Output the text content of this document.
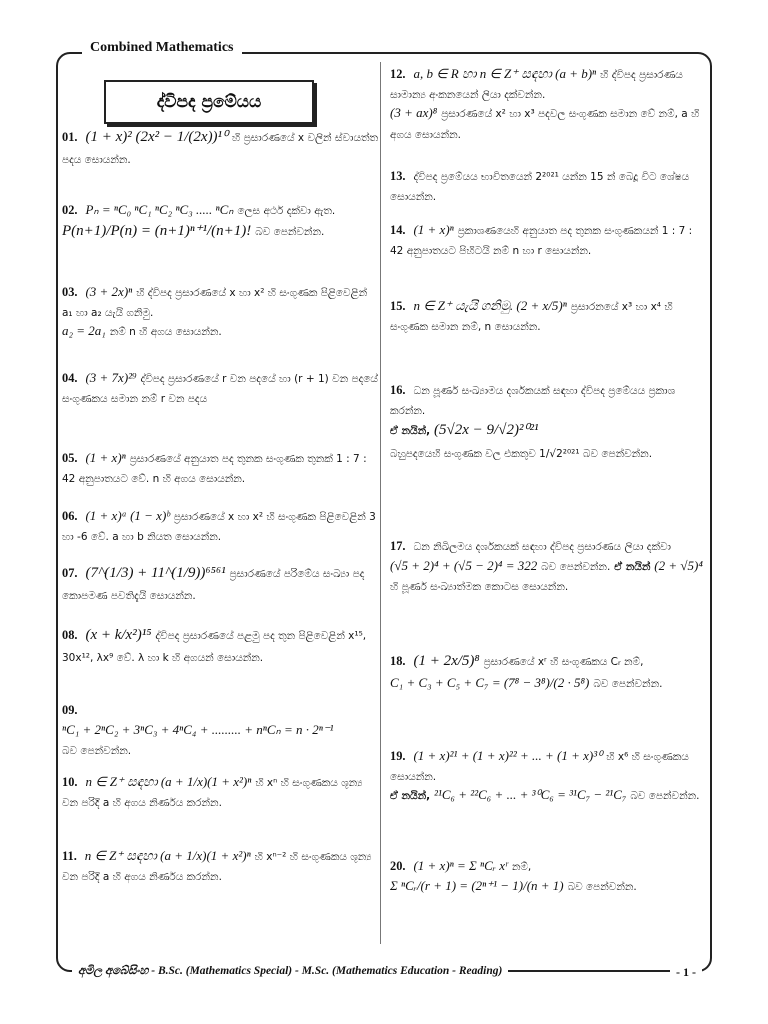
Combined Mathematics
ද්විපද ප්‍රමේයය
01. (1 + x)² (2x² − 1/(2x))¹⁰ හි ප්‍රසාරණයේ x වලින් ස්වායත්ත පදය සොයන්න.
02. Pₙ = ⁿC₀ ⁿC₁ ⁿC₂ ⁿC₃ ..... ⁿCₙ ලෙස අර්ථ දක්වා ඇත.
P(n+1)/P(n) = (n+1)ⁿ⁺¹/(n+1)! බව පෙන්වන්න.
03. (3 + 2x)ⁿ හි ද්විපද ප්‍රසාරණයේ x හා x² හි සංගුණක පිළිවෙළින් a₁ හා a₂ යැයි ගනිමු.
a₂ = 2a₁ නම් n හි අගය සොයන්න.
04. (3 + 7x)²⁹ ද්විපද ප්‍රසාරණයේ r වන පදයේ හා (r + 1) වන පදයේ සංගුණකය සමාන නම් r වන පදය
05. (1 + x)ⁿ ප්‍රසාරණයේ අනුයාත පද තුනක සංගුණක තුනක් 1 : 7 : 42 අනුපාතයට වේ. n හි අගය සොයන්න.
06. (1 + x)ᵃ (1 − x)ᵇ ප්‍රසාරණයේ x හා x² හි සංගුණක පිළිවෙළින් 3 හා -6 වේ. a හා b නියත සොයන්න.
07. (7^(1/3) + 11^(1/9))⁶⁵⁶¹ ප්‍රසාරණයේ පරිමේය සංඛ්‍යා පද කොපමණ පවතිදැයි සොයන්න.
08. (x + k/x²)¹⁵ ද්විපද ප්‍රසාරණයේ පළමු පද තුන පිළිවෙළින් x¹⁵, 30x¹², λx⁹ වේ. λ හා k හි අගයන් සොයන්න.
09.
ⁿC₁ + 2ⁿC₂ + 3ⁿC₃ + 4ⁿC₄ + ......... + nⁿCₙ = n · 2ⁿ⁻¹
බව පෙන්වන්න.
10. n ∈ Z⁺ සඳහා (a + 1/x)(1 + x²)ⁿ හි xⁿ හි සංගුණකය ශුන්‍ය වන පරිදි a හි අගය නිර්ණය කරන්න.
11. n ∈ Z⁺ සඳහා (a + 1/x)(1 + x²)ⁿ හි xⁿ⁻² හි සංගුණකය ශුන්‍ය වන පරිදි a හි අගය නිර්ණය කරන්න.
12. a, b ∈ R හා n ∈ Z⁺ සඳහා (a + b)ⁿ හි ද්විපද ප්‍රසාරණය සාමාන්‍ය අංකනයෙන් ලියා දක්වන්න.
(3 + ax)⁸ ප්‍රසාරණයේ x² හා x³ පදවල සංගුණක සමාන වේ නම්, a හි අගය සොයන්න.
13. ද්විපද ප්‍රමේයය භාවිතයෙන් 2²⁰²¹ යන්න 15 න් බෙදූ විට ශේෂය සොයන්න.
14. (1 + x)ⁿ ප්‍රකාශණයෙහි අනුයාත පද තුනක සංගුණකයන් 1 : 7 : 42 අනුපාතයට පිහිටයි නම් n හා r සොයන්න.
15. n ∈ Z⁺ යැයි ගනිමු. (2 + x/5)ⁿ ප්‍රසාරනයේ x³ හා x⁴ හි සංගුණක සමාන නම්, n සොයන්න.
16. ධන පූර්ණ සංඛ්‍යාමය දර්ශකයක් සඳහා ද්විපද ප්‍රමේයය ප්‍රකාශ කරන්න.
ඒ නයින්, (5√2x − 9/√2)²⁰²¹
බහුපදයෙහි සංගුණක වල එකතුව 1/√2²⁰²¹ බව පෙන්වන්න.
17. ධන නිඛිලමය දර්ශකයක් සඳහා ද්විපද ප්‍රසාරණය ලියා දක්වා (√5 + 2)⁴ + (√5 − 2)⁴ = 322 බව පෙන්වන්න. ඒ නයින් (2 + √5)⁴ හි පූර්ණ සංඛ්‍යාත්මක කොටස සොයන්න.
18. (1 + 2x/5)⁸ ප්‍රසාරණයේ xʳ හි සංගුණකය Cᵣ නම්,
C₁ + C₃ + C₅ + C₇ = (7⁸ − 3⁸)/(2 · 5⁸) බව පෙන්වන්න.
19. (1 + x)²¹ + (1 + x)²² + ... + (1 + x)³⁰ හි x⁶ හි සංගුණකය සොයන්න.
ඒ නයින්, ²¹C₆ + ²²C₆ + ... + ³⁰C₆ = ³¹C₇ − ²¹C₇ බව පෙන්වන්න.
20. (1 + x)ⁿ = Σ ⁿCᵣ xʳ නම්,
Σ ⁿCᵣ/(r + 1) = (2ⁿ⁺¹ − 1)/(n + 1) බව පෙන්වන්න.
අමිල අබේසිංහ - B.Sc. (Mathematics Special) - M.Sc. (Mathematics Education - Reading)	- 1 -
